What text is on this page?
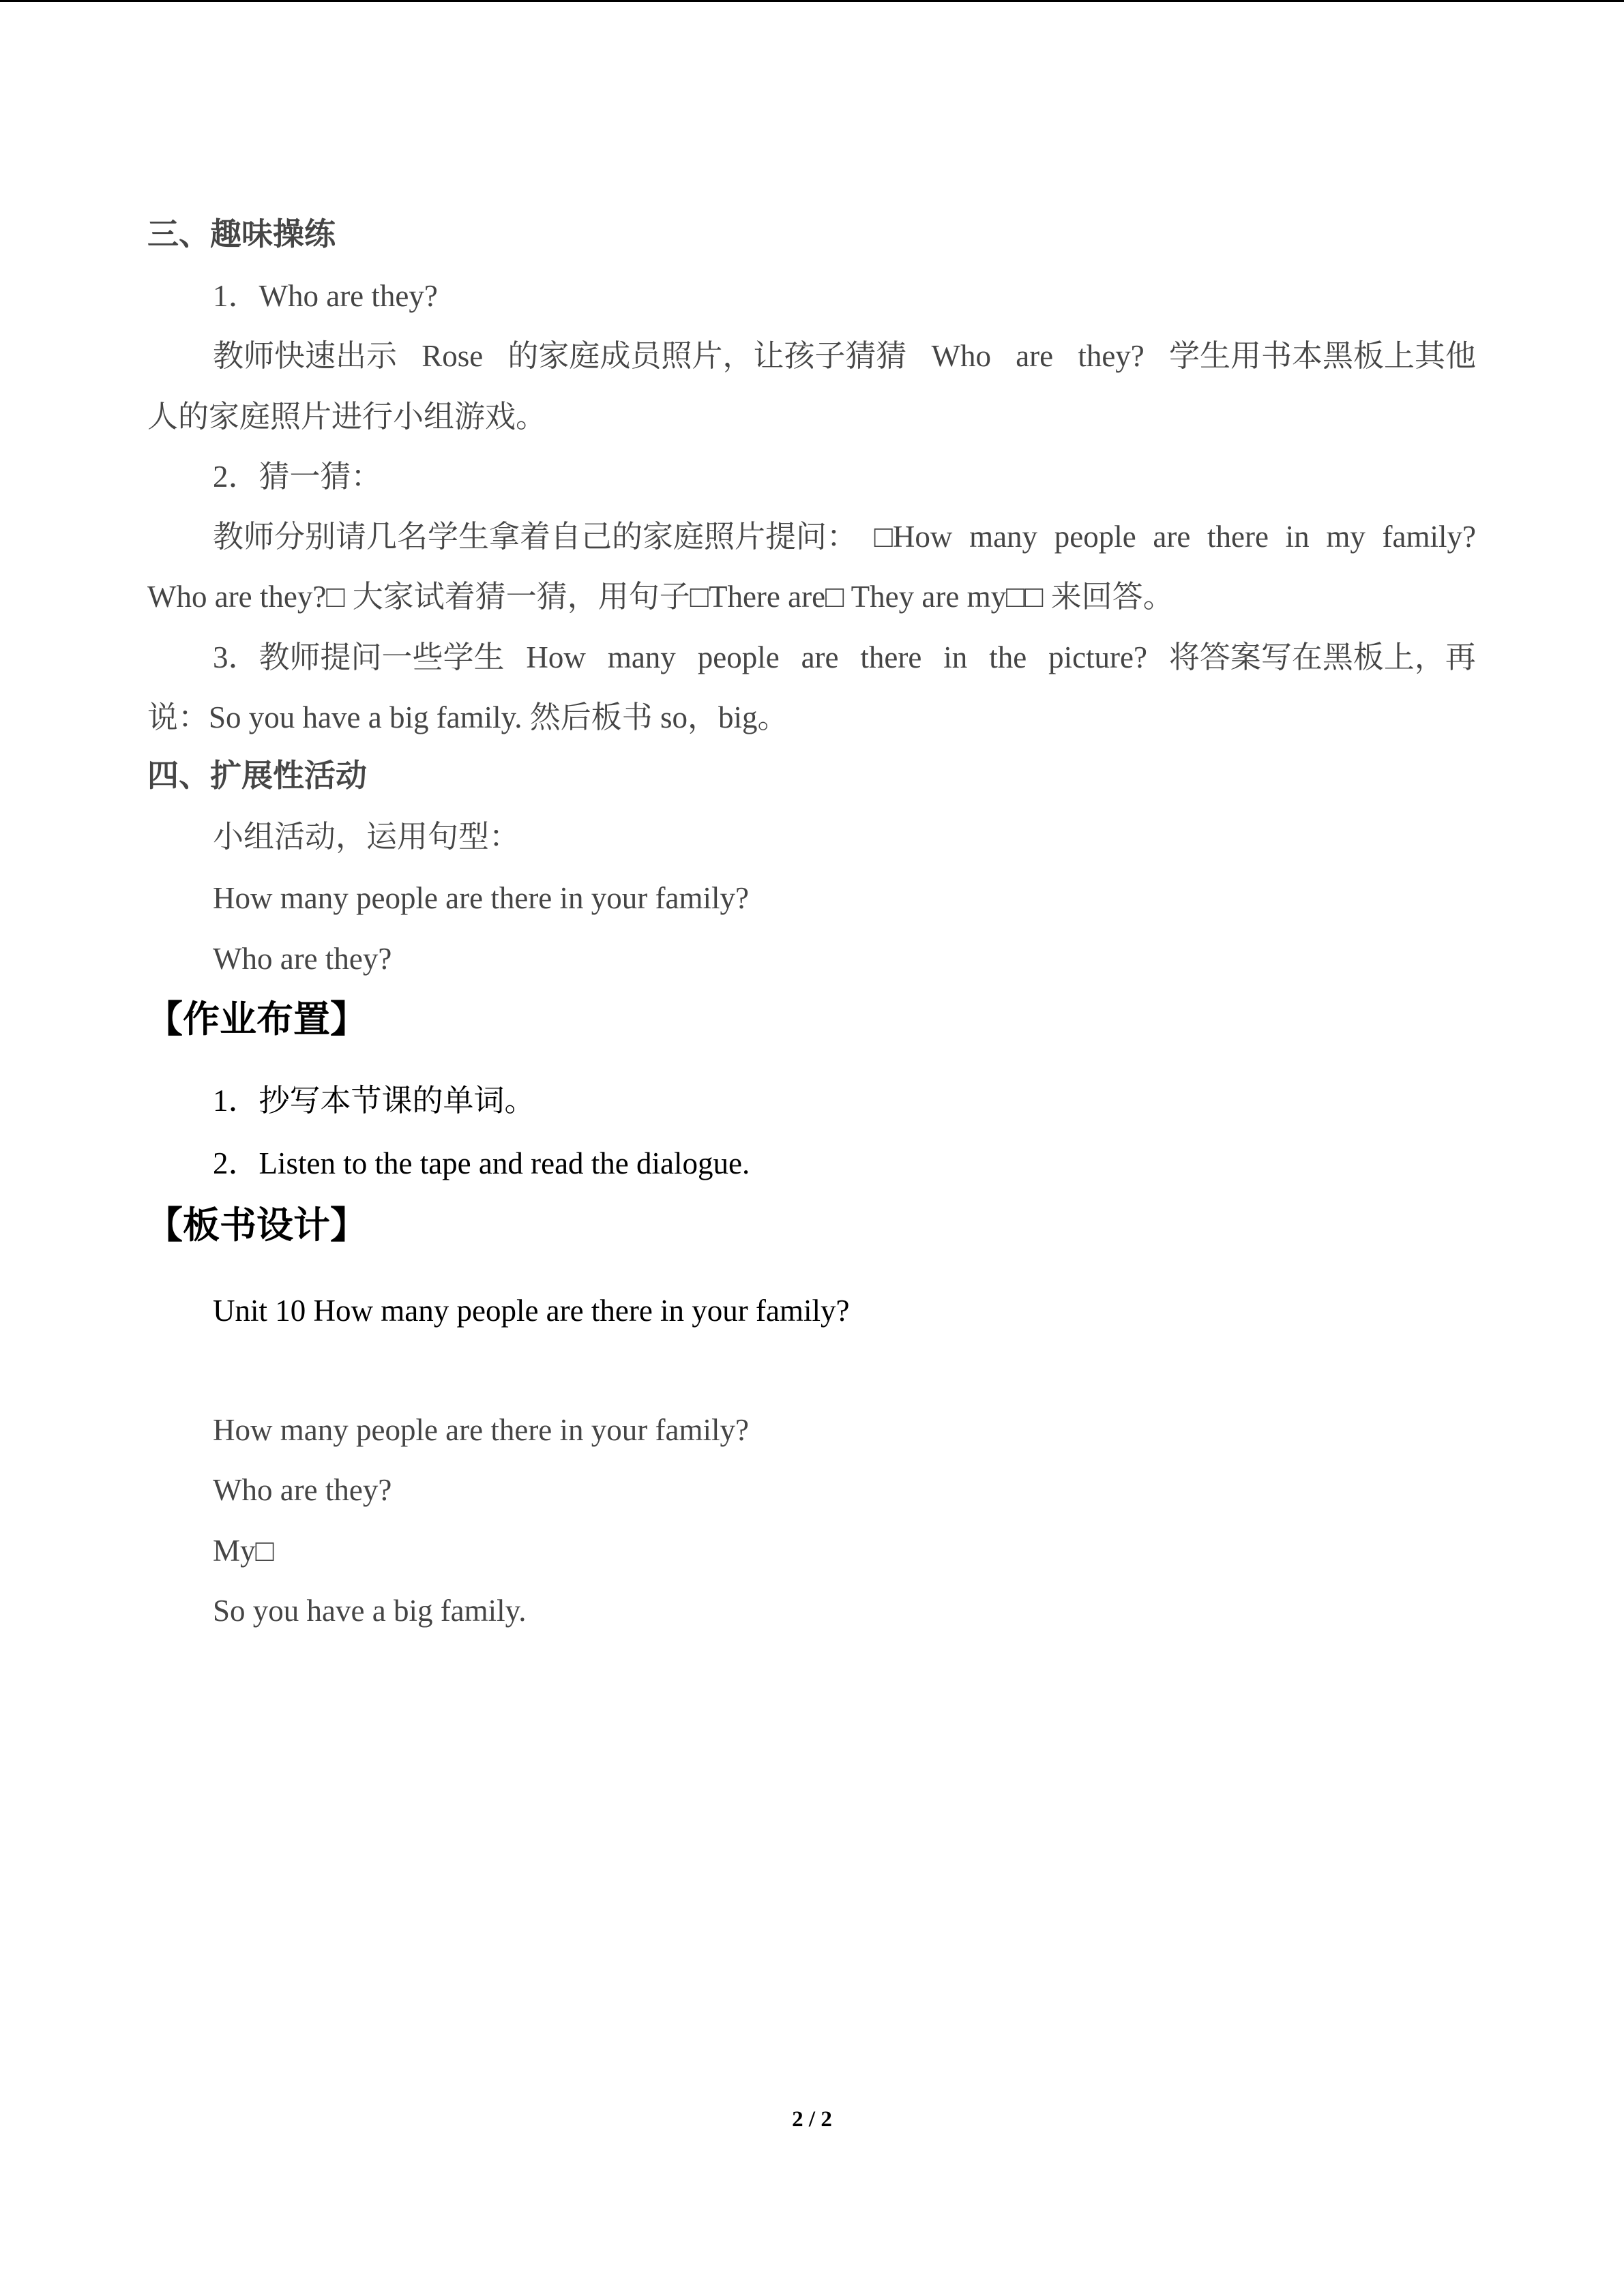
三、趣味操练
1．Who are they?
教师快速出示 Rose 的家庭成员照片，让孩子猜猜 Who are they? 学生用书本黑板上其他
人的家庭照片进行小组游戏。
2．猜一猜：
教师分别请几名学生拿着自己的家庭照片提问： □How many people are there in my family?
Who are they?□ 大家试着猜一猜，用句子□There are□ They are my□□ 来回答。
3．教师提问一些学生 How many people are there in the picture? 将答案写在黑板上，再
说：So you have a big family. 然后板书 so，big。
四、扩展性活动
小组活动，运用句型：
How many people are there in your family?
Who are they?
【作业布置】
1．抄写本节课的单词。
2．Listen to the tape and read the dialogue.
【板书设计】
Unit 10 How many people are there in your family?
How many people are there in your family?
Who are they?
My□
So you have a big family.
2 / 2
